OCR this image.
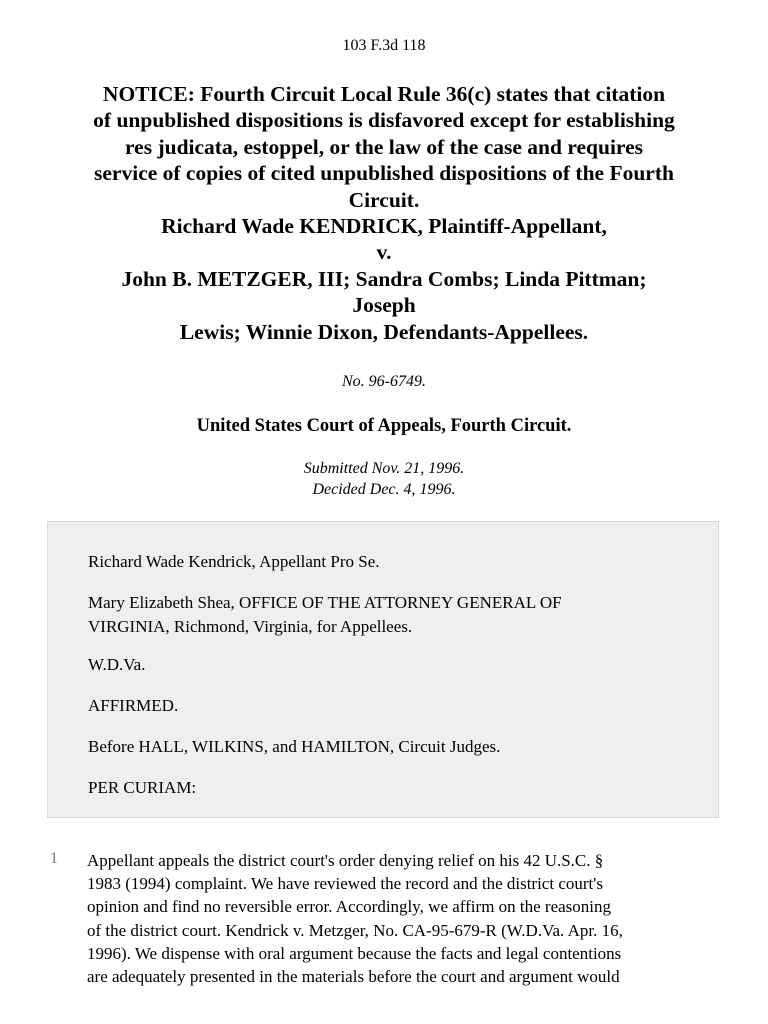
103 F.3d 118
NOTICE: Fourth Circuit Local Rule 36(c) states that citation
of unpublished dispositions is disfavored except for establishing
res judicata, estoppel, or the law of the case and requires
service of copies of cited unpublished dispositions of the Fourth
Circuit.
Richard Wade KENDRICK, Plaintiff-Appellant,
v.
John B. METZGER, III; Sandra Combs; Linda Pittman;
Joseph
Lewis; Winnie Dixon, Defendants-Appellees.
No. 96-6749.
United States Court of Appeals, Fourth Circuit.
Submitted Nov. 21, 1996.
Decided Dec. 4, 1996.
Richard Wade Kendrick, Appellant Pro Se.
Mary Elizabeth Shea, OFFICE OF THE ATTORNEY GENERAL OF
VIRGINIA, Richmond, Virginia, for Appellees.
W.D.Va.
AFFIRMED.
Before HALL, WILKINS, and HAMILTON, Circuit Judges.
PER CURIAM:
1 Appellant appeals the district court's order denying relief on his 42 U.S.C. §
1983 (1994) complaint. We have reviewed the record and the district court's
opinion and find no reversible error. Accordingly, we affirm on the reasoning
of the district court. Kendrick v. Metzger, No. CA-95-679-R (W.D.Va. Apr. 16,
1996). We dispense with oral argument because the facts and legal contentions
are adequately presented in the materials before the court and argument would
